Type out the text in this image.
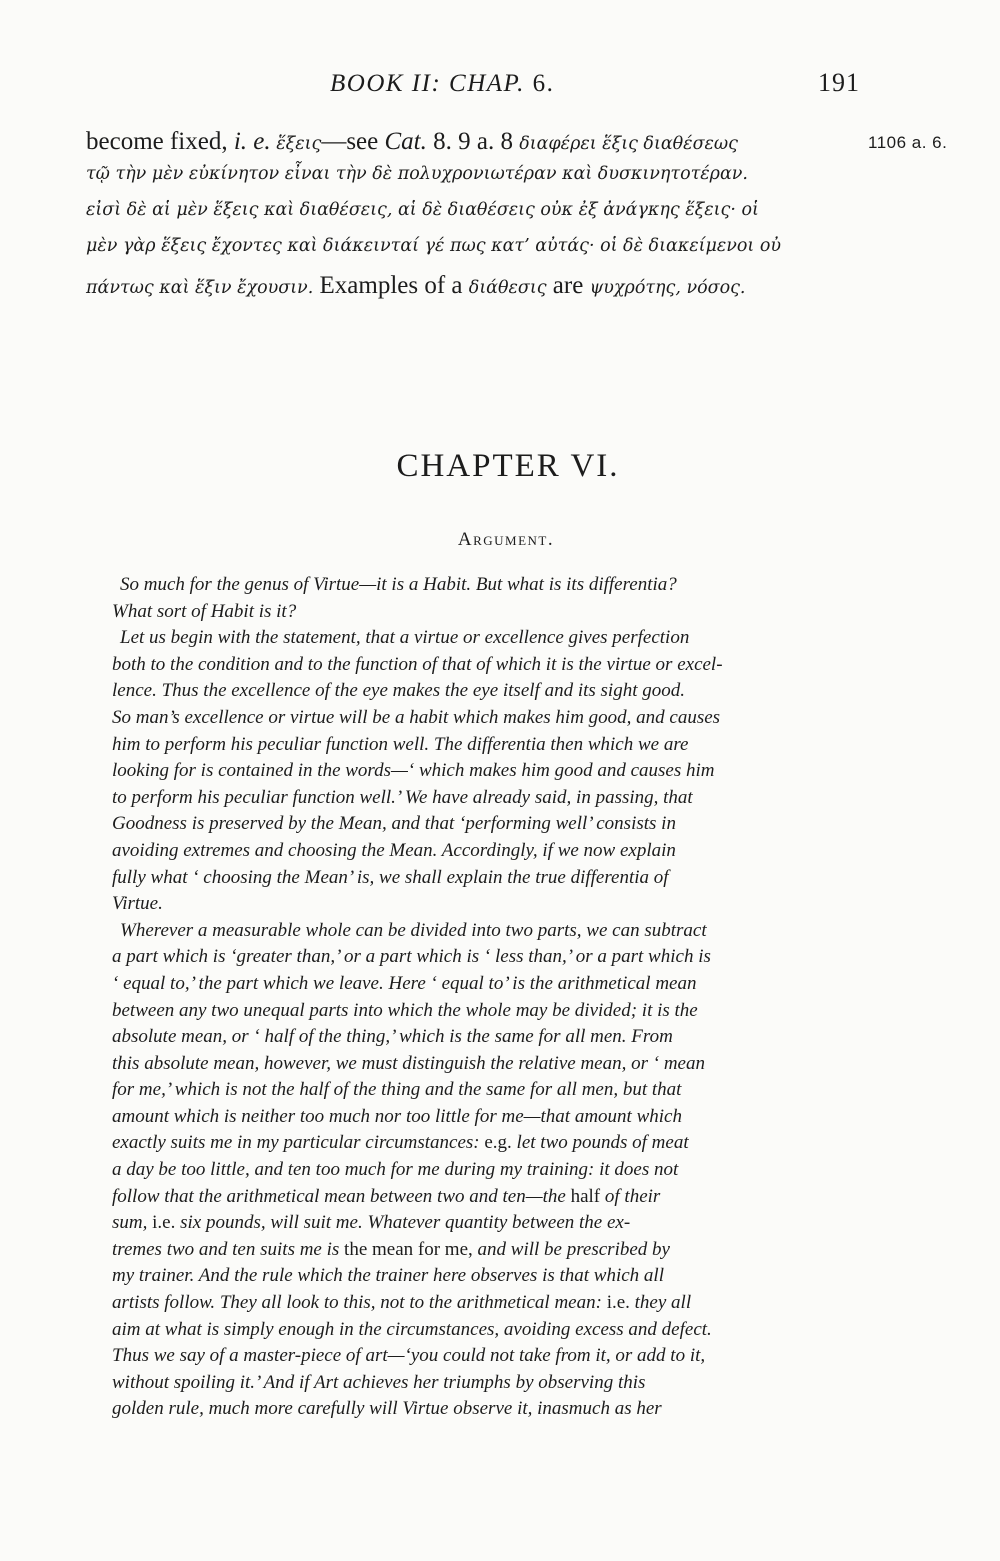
BOOK II: CHAP. 6.	191
become fixed, i. e. ἕξεις—see Cat. 8. 9 a. 8 διαφέρει ἕξις διαθέσεως	1106 a. 6.
τῷ τὴν μὲν εὐκίνητον εἶναι τὴν δὲ πολυχρονιωτέραν καὶ δυσκινητοτέραν.
εἰσὶ δὲ αἱ μὲν ἕξεις καὶ διαθέσεις, αἱ δὲ διαθέσεις οὐκ ἐξ ἀνάγκης ἕξεις· οἱ
μὲν γὰρ ἕξεις ἔχοντες καὶ διάκεινταί γέ πως κατ’ αὐτάς· οἱ δὲ διακείμενοι οὐ
πάντως καὶ ἕξιν ἔχουσιν. Examples of a διάθεσις are ψυχρότης, νόσος.
CHAPTER VI.
Argument.
So much for the genus of Virtue—it is a Habit. But what is its differentia?
What sort of Habit is it?
Let us begin with the statement, that a virtue or excellence gives perfection
both to the condition and to the function of that of which it is the virtue or excel-
lence. Thus the excellence of the eye makes the eye itself and its sight good.
So man’s excellence or virtue will be a habit which makes him good, and causes
him to perform his peculiar function well. The differentia then which we are
looking for is contained in the words—‘ which makes him good and causes him
to perform his peculiar function well.’ We have already said, in passing, that
Goodness is preserved by the Mean, and that ‘performing well’ consists in
avoiding extremes and choosing the Mean. Accordingly, if we now explain
fully what ‘ choosing the Mean’ is, we shall explain the true differentia of
Virtue.
Wherever a measurable whole can be divided into two parts, we can subtract
a part which is ‘greater than,’ or a part which is ‘ less than,’ or a part which is
‘ equal to,’ the part which we leave. Here ‘ equal to’ is the arithmetical mean
between any two unequal parts into which the whole may be divided; it is the
absolute mean, or ‘ half of the thing,’ which is the same for all men. From
this absolute mean, however, we must distinguish the relative mean, or ‘ mean
for me,’ which is not the half of the thing and the same for all men, but that
amount which is neither too much nor too little for me—that amount which
exactly suits me in my particular circumstances: e.g. let two pounds of meat
a day be too little, and ten too much for me during my training: it does not
follow that the arithmetical mean between two and ten—the half of their
sum, i.e. six pounds, will suit me. Whatever quantity between the ex-
tremes two and ten suits me is the mean for me, and will be prescribed by
my trainer. And the rule which the trainer here observes is that which all
artists follow. They all look to this, not to the arithmetical mean: i.e. they all
aim at what is simply enough in the circumstances, avoiding excess and defect.
Thus we say of a master-piece of art—‘you could not take from it, or add to it,
without spoiling it.’ And if Art achieves her triumphs by observing this
golden rule, much more carefully will Virtue observe it, inasmuch as her
